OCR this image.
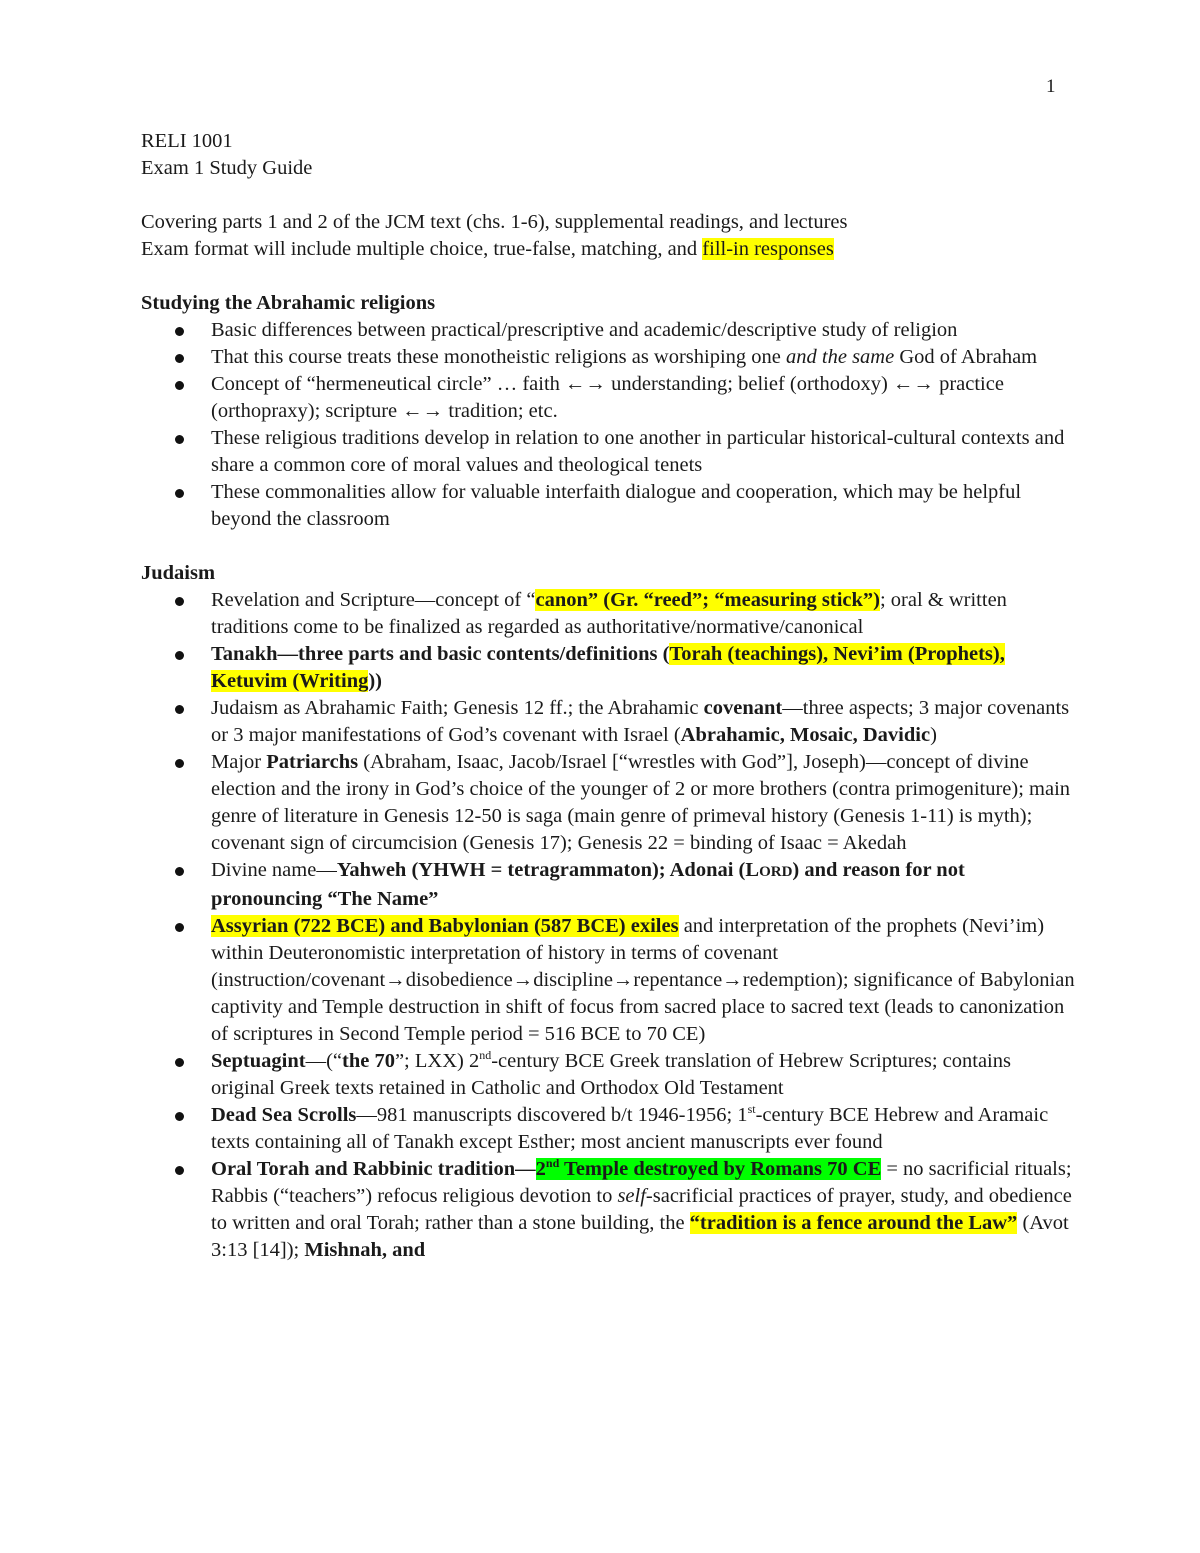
1
RELI 1001
Exam 1 Study Guide
Covering parts 1 and 2 of the JCM text (chs. 1-6), supplemental readings, and lectures
Exam format will include multiple choice, true-false, matching, and fill-in responses
Studying the Abrahamic religions
Basic differences between practical/prescriptive and academic/descriptive study of religion
That this course treats these monotheistic religions as worshiping one and the same God of Abraham
Concept of “hermeneutical circle” … faith ←→ understanding; belief (orthodoxy) ←→ practice (orthopraxy); scripture ←→ tradition; etc.
These religious traditions develop in relation to one another in particular historical-cultural contexts and share a common core of moral values and theological tenets
These commonalities allow for valuable interfaith dialogue and cooperation, which may be helpful beyond the classroom
Judaism
Revelation and Scripture—concept of “canon” (Gr. “reed”; “measuring stick”); oral & written traditions come to be finalized as regarded as authoritative/normative/canonical
Tanakh—three parts and basic contents/definitions (Torah (teachings), Nevi’im (Prophets), Ketuvim (Writing))
Judaism as Abrahamic Faith; Genesis 12 ff.; the Abrahamic covenant—three aspects; 3 major covenants or 3 major manifestations of God’s covenant with Israel (Abrahamic, Mosaic, Davidic)
Major Patriarchs (Abraham, Isaac, Jacob/Israel [“wrestles with God”], Joseph)—concept of divine election and the irony in God’s choice of the younger of 2 or more brothers (contra primogeniture); main genre of literature in Genesis 12-50 is saga (main genre of primeval history (Genesis 1-11) is myth); covenant sign of circumcision (Genesis 17); Genesis 22 = binding of Isaac = Akedah
Divine name—Yahweh (YHWH = tetragrammaton); Adonai (LORD) and reason for not pronouncing “The Name”
Assyrian (722 BCE) and Babylonian (587 BCE) exiles and interpretation of the prophets (Nevi’im) within Deuteronomistic interpretation of history in terms of covenant (instruction/covenant→disobedience→discipline→repentance→redemption); significance of Babylonian captivity and Temple destruction in shift of focus from sacred place to sacred text (leads to canonization of scriptures in Second Temple period = 516 BCE to 70 CE)
Septuagint—(“the 70”; LXX) 2nd-century BCE Greek translation of Hebrew Scriptures; contains original Greek texts retained in Catholic and Orthodox Old Testament
Dead Sea Scrolls—981 manuscripts discovered b/t 1946-1956; 1st-century BCE Hebrew and Aramaic texts containing all of Tanakh except Esther; most ancient manuscripts ever found
Oral Torah and Rabbinic tradition—2nd Temple destroyed by Romans 70 CE = no sacrificial rituals; Rabbis (“teachers”) refocus religious devotion to self-sacrificial practices of prayer, study, and obedience to written and oral Torah; rather than a stone building, the “tradition is a fence around the Law” (Avot 3:13 [14]); Mishnah, and
